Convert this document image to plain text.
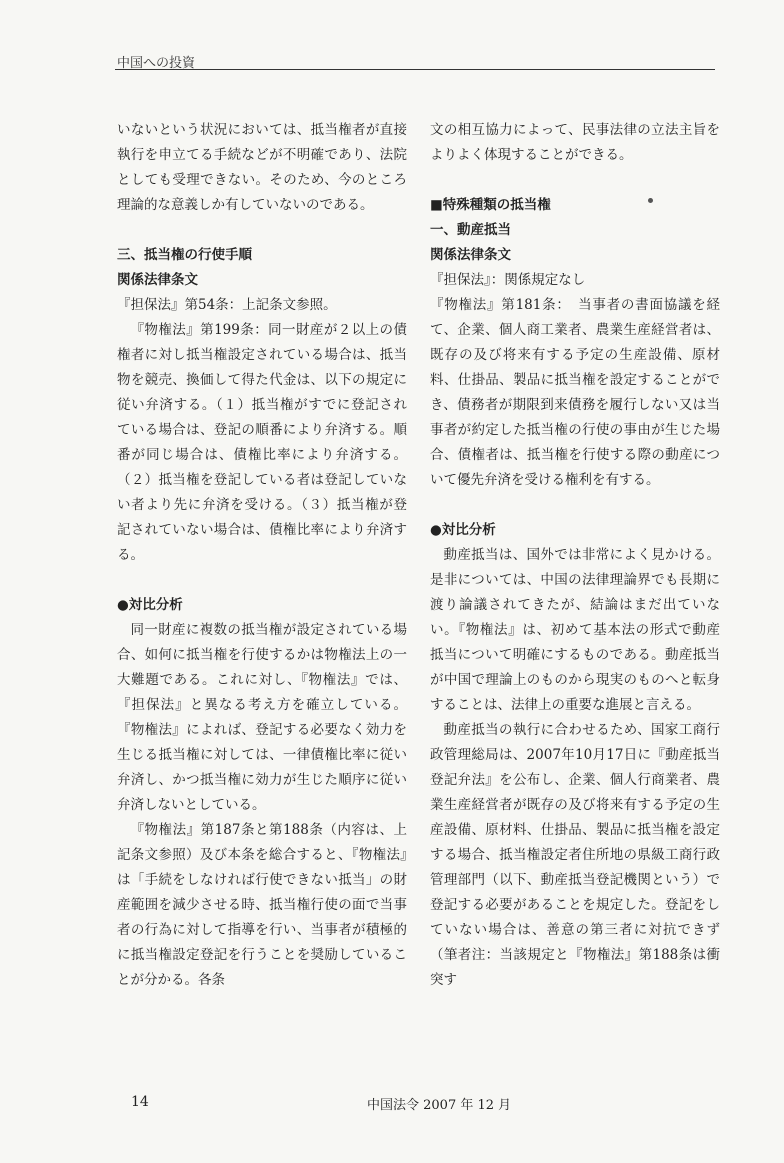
中国への投資

いないという状況においては、抵当権者が直接執行を申立てる手続などが不明確であり、法院としても受理できない。そのため、今のところ理論的な意義しか有していないのである。

三、抵当権の行使手順
関係法律条文

『担保法』第54条：上記条文参照。

『物権法』第199条：同一財産が２以上の債権者に対し抵当権設定されている場合は、抵当物を競売、換価して得た代金は、以下の規定に従い弁済する。（１）抵当権がすでに登記されている場合は、登記の順番により弁済する。順番が同じ場合は、債権比率により弁済する。（２）抵当権を登記している者は登記していない者より先に弁済を受ける。（３）抵当権が登記されていない場合は、債権比率により弁済する。

●対比分析

同一財産に複数の抵当権が設定されている場合、如何に抵当権を行使するかは物権法上の一大難題である。これに対し、『物権法』では、『担保法』と異なる考え方を確立している。『物権法』によれば、登記する必要なく効力を生じる抵当権に対しては、一律債権比率に従い弁済し、かつ抵当権に効力が生じた順序に従い弁済しないとしている。

『物権法』第187条と第188条（内容は、上記条文参照）及び本条を総合すると、『物権法』は「手続をしなければ行使できない抵当」の財産範囲を減少させる時、抵当権行使の面で当事者の行為に対して指導を行い、当事者が積極的に抵当権設定登記を行うことを奨励していることが分かる。各条

文の相互協力によって、民事法律の立法主旨をよりよく体現することができる。

■特殊種類の抵当権
一、動産抵当
関係法律条文

『担保法』：関係規定なし

『物権法』第181条：　当事者の書面協議を経て、企業、個人商工業者、農業生産経営者は、既存の及び将来有する予定の生産設備、原材料、仕掛品、製品に抵当権を設定することができ、債務者が期限到来債務を履行しない又は当事者が約定した抵当権の行使の事由が生じた場合、債権者は、抵当権を行使する際の動産について優先弁済を受ける権利を有する。

●対比分析

動産抵当は、国外では非常によく見かける。是非については、中国の法律理論界でも長期に渡り論議されてきたが、結論はまだ出ていない。『物権法』は、初めて基本法の形式で動産抵当について明確にするものである。動産抵当が中国で理論上のものから現実のものへと転身することは、法律上の重要な進展と言える。

動産抵当の執行に合わせるため、国家工商行政管理総局は、2007年10月17日に『動産抵当登記弁法』を公布し、企業、個人行商業者、農業生産経営者が既存の及び将来有する予定の生産設備、原材料、仕掛品、製品に抵当権を設定する場合、抵当権設定者住所地の県級工商行政管理部門（以下、動産抵当登記機関という）で登記する必要があることを規定した。登記をしていない場合は、善意の第三者に対抗できず（筆者注：当該規定と『物権法』第188条は衝突す

14	中国法令 2007 年 12 月
